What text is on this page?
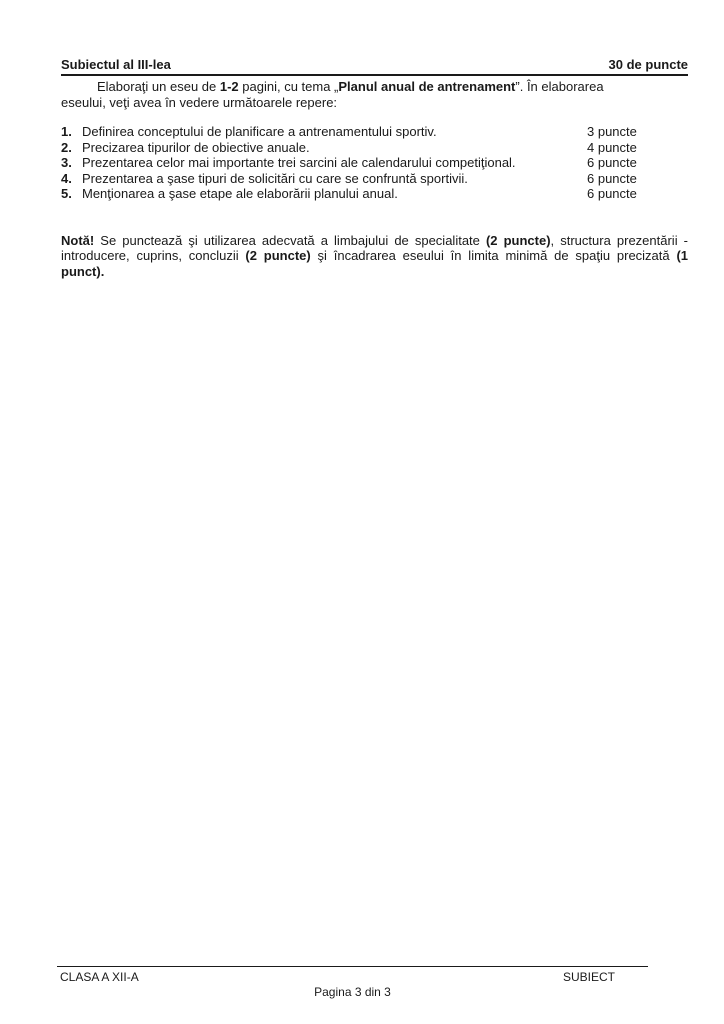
Subiectul al III-lea	30 de puncte
Elaboraţi un eseu de 1-2 pagini, cu tema „Planul anual de antrenament”. În elaborarea
eseului, veţi avea în vedere următoarele repere:
1. Definirea conceptului de planificare a antrenamentului sportiv.	3 puncte
2. Precizarea tipurilor de obiective anuale.	4 puncte
3. Prezentarea celor mai importante trei sarcini ale calendarului competiţional.	6 puncte
4. Prezentarea a şase tipuri de solicitări cu care se confruntă sportivii.	6 puncte
5. Menţionarea a şase etape ale elaborării planului anual.	6 puncte
Notă! Se punctează şi utilizarea adecvată a limbajului de specialitate (2 puncte), structura prezentării - introducere, cuprins, concluzii (2 puncte) şi încadrarea eseului în limita minimă de spaţiu precizată (1 punct).
CLASA A XII-A	SUBIECT
Pagina 3 din 3
